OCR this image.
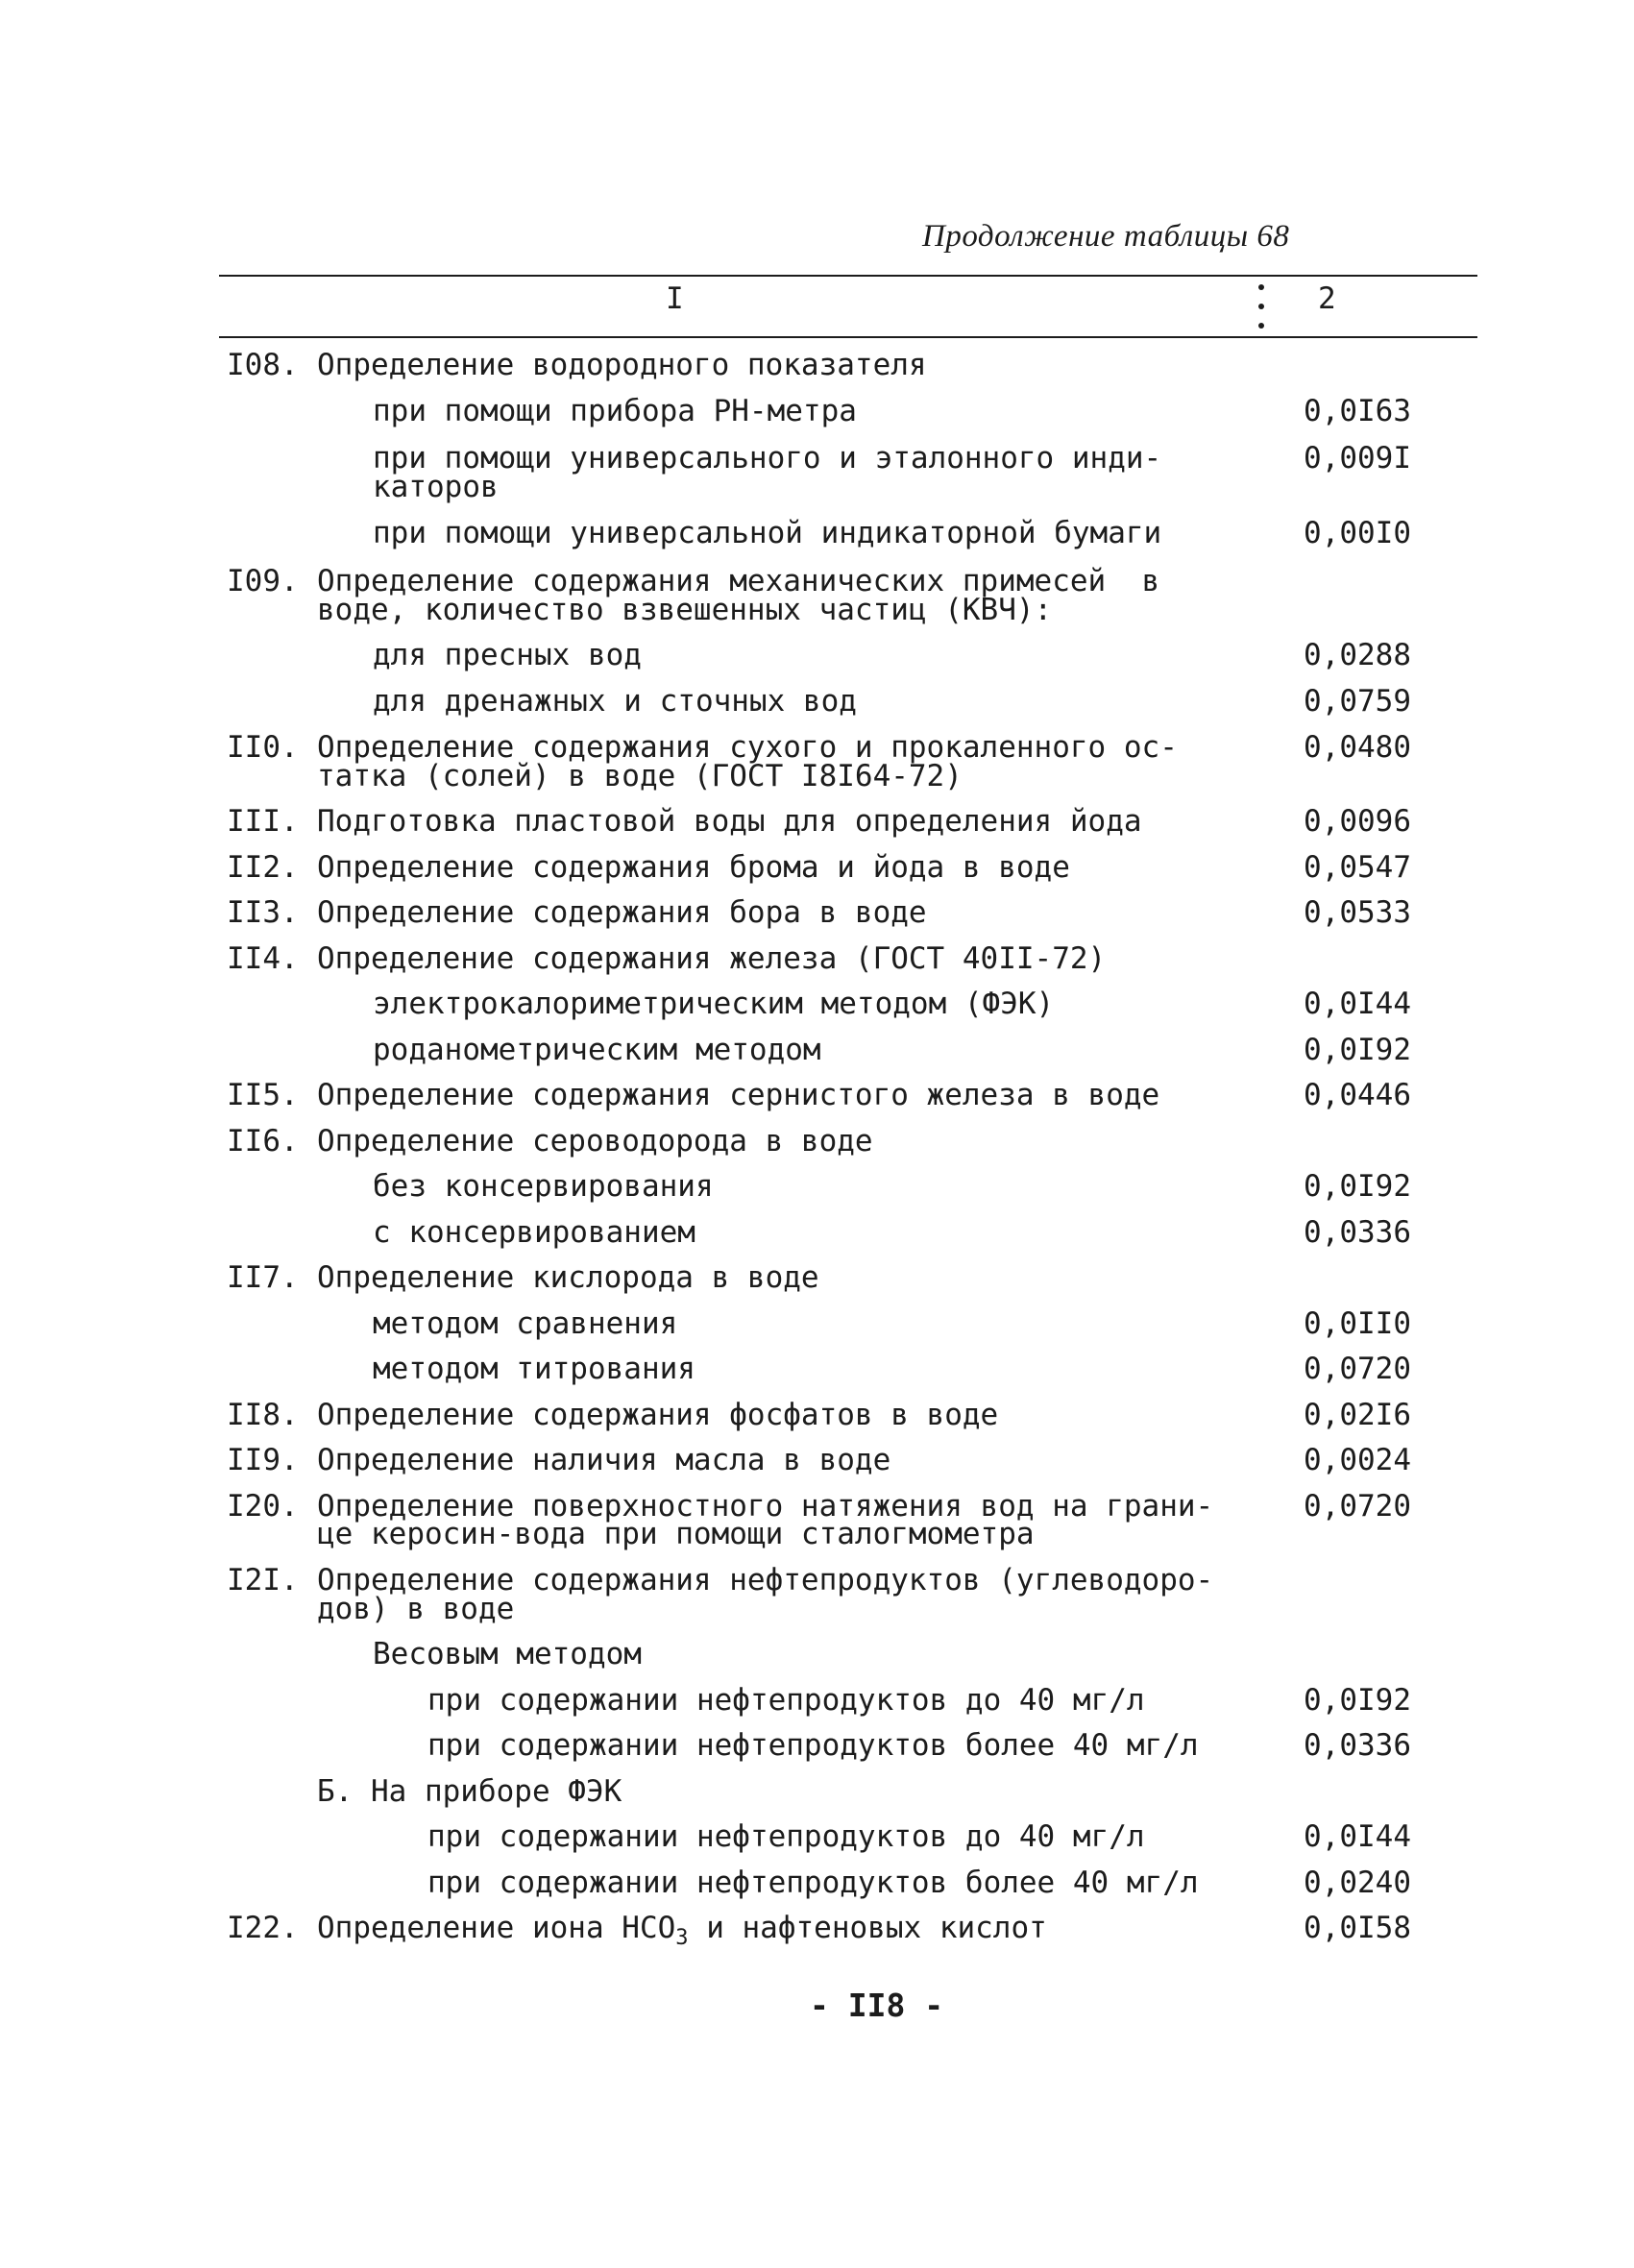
Продолжение таблицы 68
I	2
I08. Определение водородного показателя
при помощи прибора РН-метра	0,0I63
при помощи универсального и эталонного инди-	0,009I
каторов
при помощи универсальной индикаторной бумаги	0,00I0
I09. Определение содержания механических примесей  в
воде, количество взвешенных частиц (КВЧ):
для пресных вод	0,0288
для дренажных и сточных вод	0,0759
II0. Определение содержания сухого и прокаленного ос-	0,0480
татка (солей) в воде (ГОСТ I8I64-72)
III. Подготовка пластовой воды для определения йода	0,0096
II2. Определение содержания брома и йода в воде	0,0547
II3. Определение содержания бора в воде	0,0533
II4. Определение содержания железа (ГОСТ 40II-72)
электрокалориметрическим методом (ФЭК)	0,0I44
роданометрическим методом	0,0I92
II5. Определение содержания сернистого железа в воде	0,0446
II6. Определение сероводорода в воде
без консервирования	0,0I92
с консервированием	0,0336
II7. Определение кислорода в воде
методом сравнения	0,0II0
методом титрования	0,0720
II8. Определение содержания фосфатов в воде	0,02I6
II9. Определение наличия масла в воде	0,0024
I20. Определение поверхностного натяжения вод на грани-	0,0720
це керосин-вода при помощи сталогмометра
I2I. Определение содержания нефтепродуктов (углеводоро-
дов) в воде
Весовым методом
при содержании нефтепродуктов до 40 мг/л	0,0I92
при содержании нефтепродуктов более 40 мг/л	0,0336
Б. На приборе ФЭК
при содержании нефтепродуктов до 40 мг/л	0,0I44
при содержании нефтепродуктов более 40 мг/л	0,0240
I22. Определение иона $НСО_3$ и нафтеновых кислот	0,0I58
- II8 -
